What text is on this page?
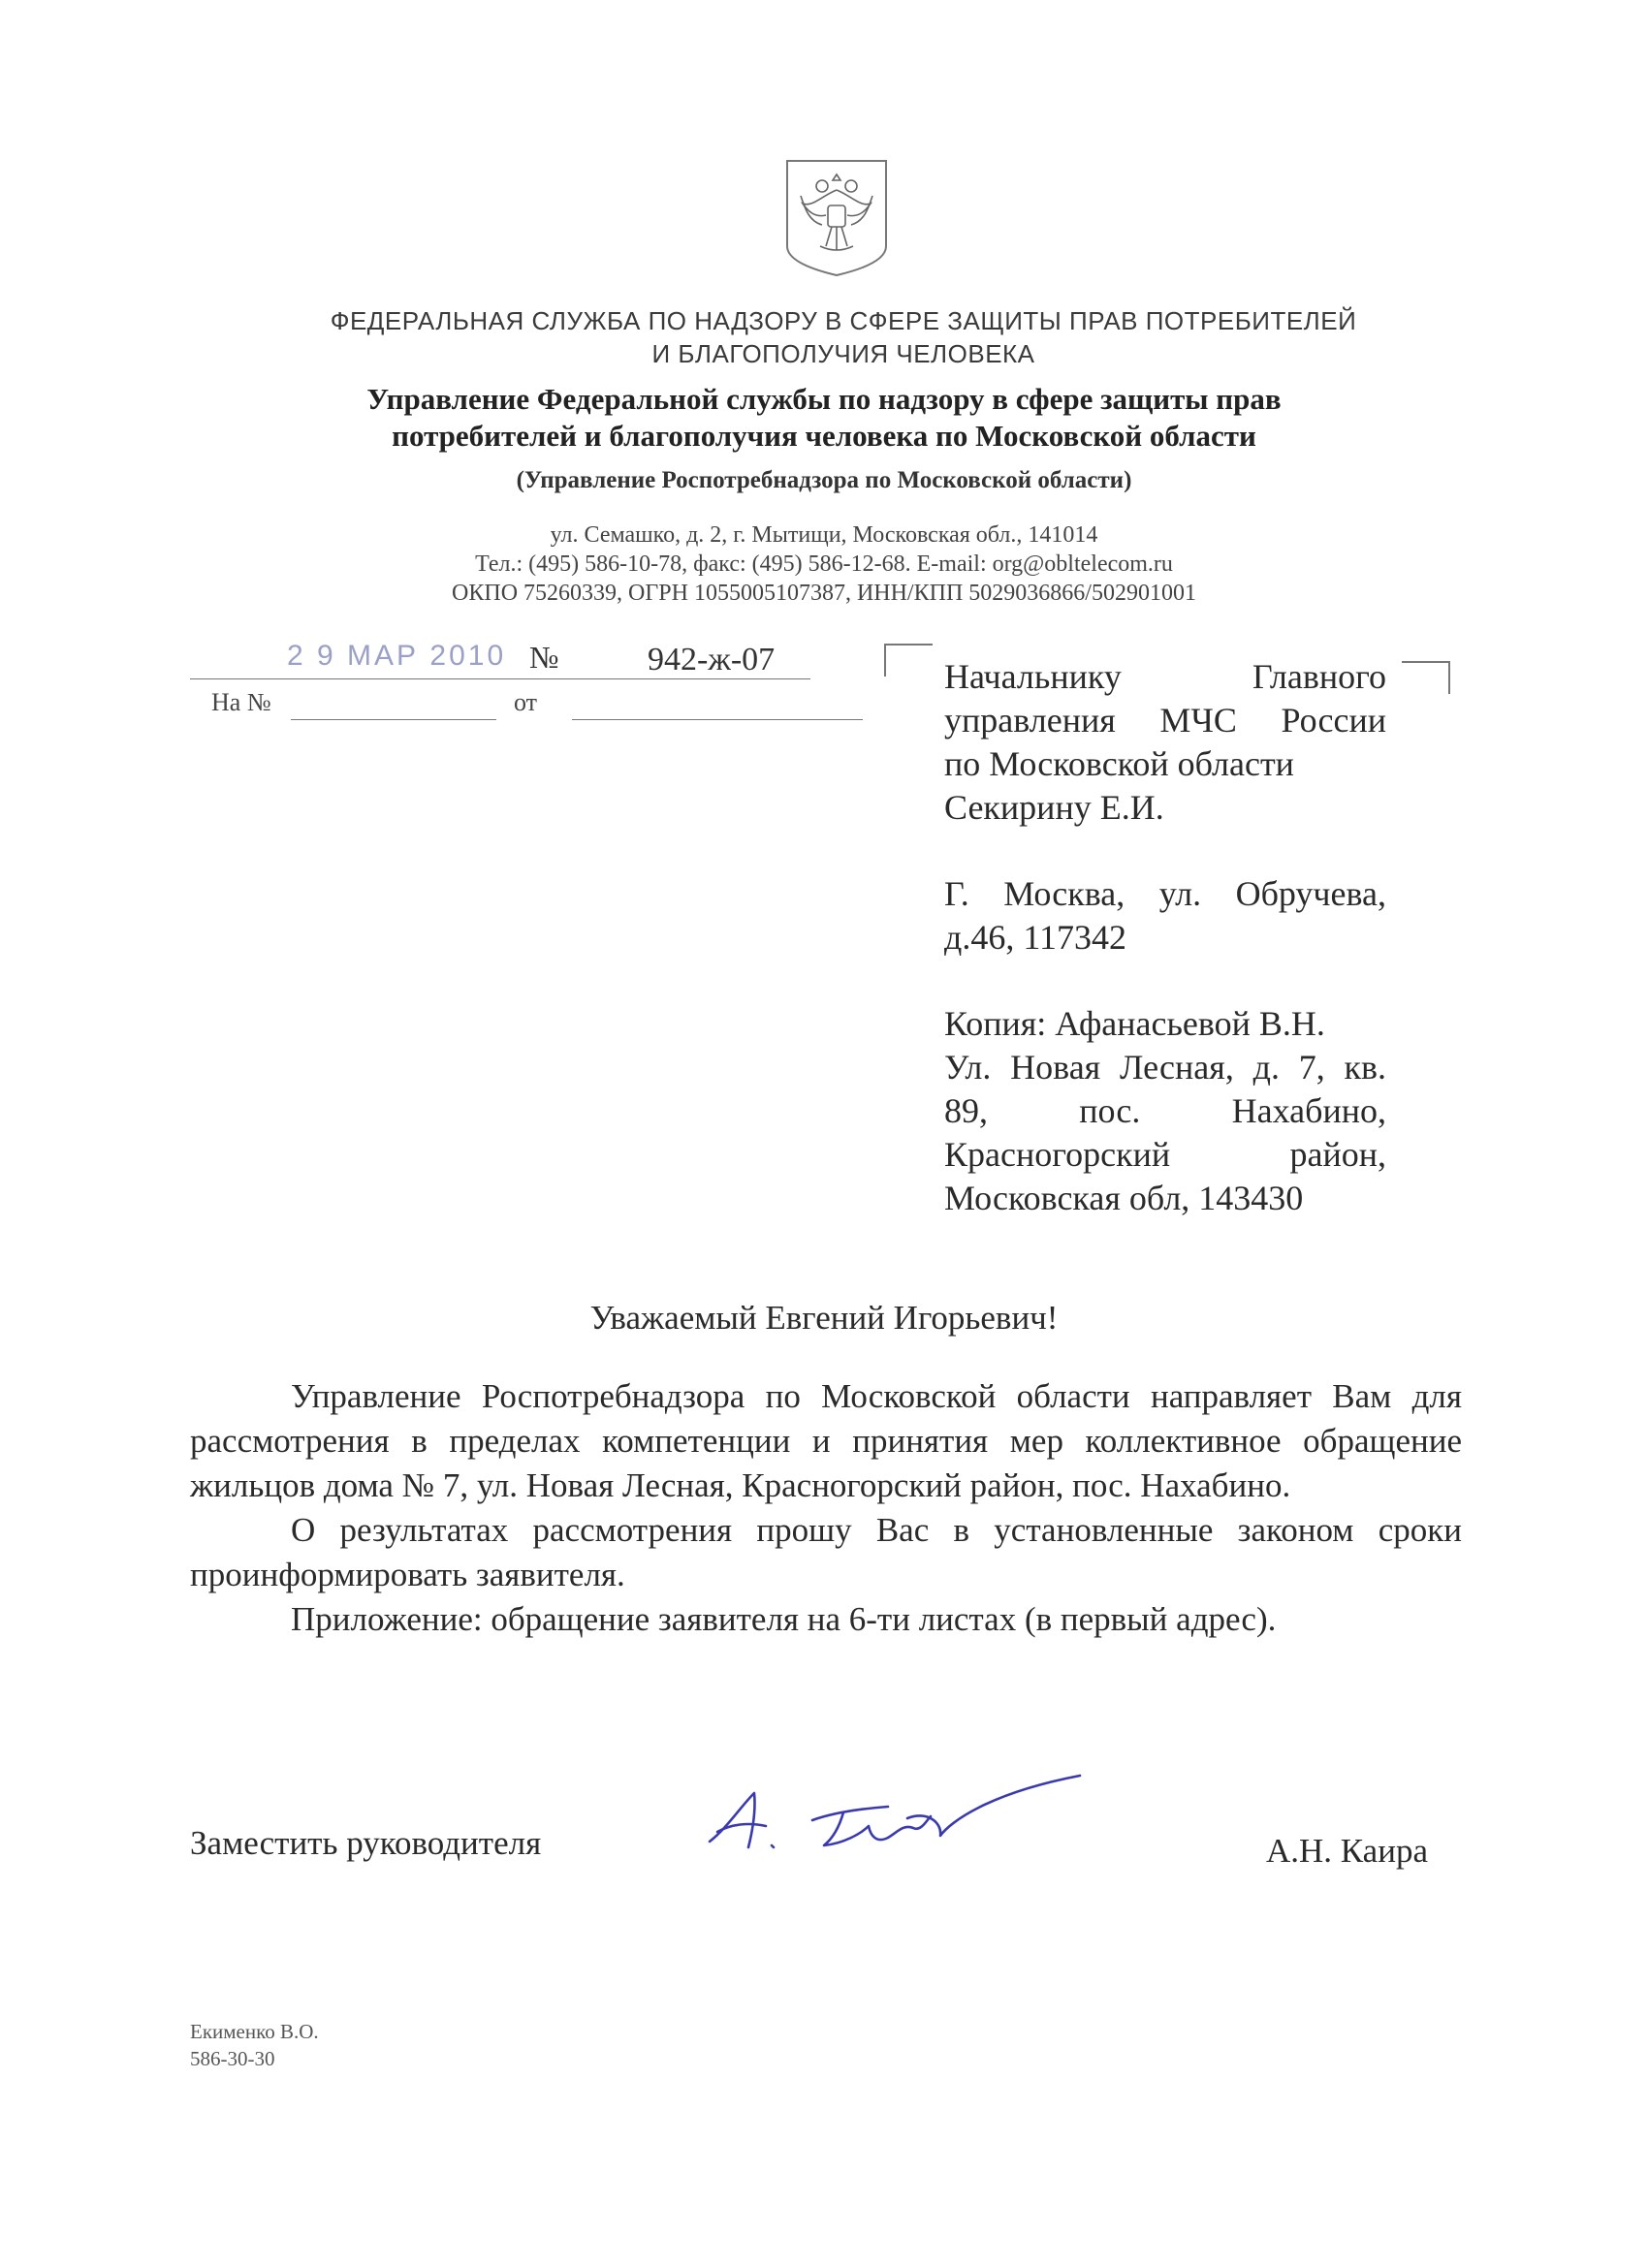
ФЕДЕРАЛЬНАЯ СЛУЖБА ПО НАДЗОРУ В СФЕРЕ ЗАЩИТЫ ПРАВ ПОТРЕБИТЕЛЕЙ
И БЛАГОПОЛУЧИЯ ЧЕЛОВЕКА
Управление Федеральной службы по надзору в сфере защиты прав
потребителей и благополучия человека по Московской области
(Управление Роспотребнадзора по Московской области)
ул. Семашко, д. 2, г. Мытищи, Московская обл., 141014
Тел.: (495) 586-10-78, факс: (495) 586-12-68. E-mail: org@obltelecom.ru
ОКПО 75260339, ОГРН 1055005107387, ИНН/КПП 5029036866/502901001
2 9 МАР 2010 №	942-ж-07
На №	от

Начальнику Главного

управления МЧС России

по Московской области

Секирину Е.И.

Г. Москва, ул. Обручева,

д.46, 117342

Копия: Афанасьевой В.Н.

Ул. Новая Лесная, д. 7, кв.

89, пос. Нахабино,

Красногорский район,

Московская обл, 143430

Уважаемый Евгений Игорьевич!

Управление Роспотребнадзора по Московской области направляет Вам для рассмотрения в пределах компетенции и принятия мер коллективное обращение жильцов дома № 7, ул. Новая Лесная, Красногорский район, пос. Нахабино.

О результатах рассмотрения прошу Вас в установленные законом сроки проинформировать заявителя.

Приложение: обращение заявителя на 6-ти листах (в первый адрес).

Заместить руководителя	А.Н. Каира
Екименко В.О.
586-30-30
